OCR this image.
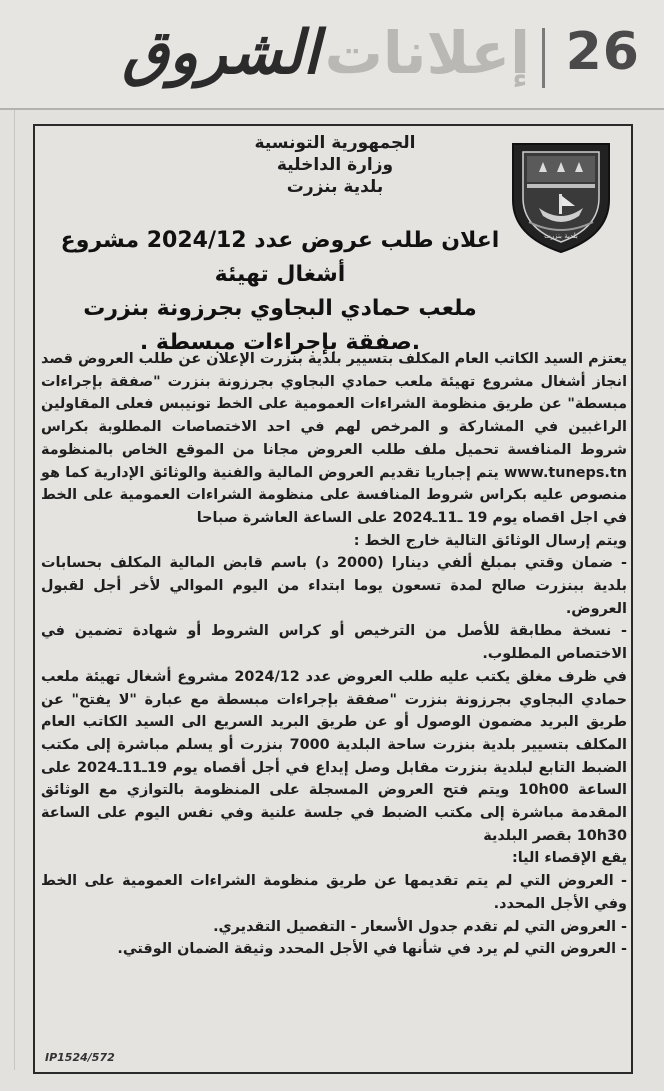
26
إعلانات الشروق
الجمهورية التونسية
وزارة الداخلية
بلدية بنزرت
بلدية بنزرت
اعلان طلب عروض عدد 2024/12 مشروع أشغال تهيئة
ملعب حمادي البجاوي بجرزونة بنزرت
.صفقة بإجراءات مبسطة .

يعتزم السيد الكاتب العام المكلف بتسيير بلدية بنزرت الإعلان عن طلب العروض قصد انجاز أشغال مشروع تهيئة ملعب حمادي البجاوي بجرزونة بنزرت "صفقة بإجراءات مبسطة" عن طريق منظومة الشراءات العمومية على الخط تونيبس فعلى المقاولين الراغبين في المشاركة و المرخص لهم في احد الاختصاصات المطلوبة بكراس شروط المنافسة تحميل ملف طلب العروض مجانا من الموقع الخاص بالمنظومة www.tuneps.tn يتم إجباريا تقديم العروض المالية والفنية والوثائق الإدارية كما هو منصوص عليه بكراس شروط المنافسة على منظومة الشراءات العمومية على الخط في اجل اقصاه يوم 19 ـ11ـ2024 على الساعة العاشرة صباحا

ويتم إرسال الوثائق التالية خارج الخط :

- ضمان وقتي بمبلغ ألفي دينارا (2000 د) باسم قابض المالية المكلف بحسابات بلدية ببنزرت صالح لمدة تسعون يوما ابتداء من اليوم الموالي لأخر أجل لقبول العروض.

- نسخة مطابقة للأصل من الترخيص أو كراس الشروط أو شهادة تضمين في الاختصاص المطلوب.

في ظرف مغلق يكتب عليه طلب العروض عدد 2024/12 مشروع أشغال تهيئة ملعب حمادي البجاوي بجرزونة بنزرت "صفقة بإجراءات مبسطة مع عبارة "لا يفتح" عن طريق البريد مضمون الوصول أو عن طريق البريد السريع الى السيد الكاتب العام المكلف بتسيير بلدية بنزرت ساحة البلدية 7000 بنزرت أو يسلم مباشرة إلى مكتب الضبط التابع لبلدية بنزرت مقابل وصل إيداع في أجل أقصاه يوم 19ـ11ـ2024 على الساعة 10h00 ويتم فتح العروض المسجلة على المنظومة بالتوازي مع الوثائق المقدمة مباشرة إلى مكتب الضبط في جلسة علنية وفي نفس اليوم على الساعة 10h30 بقصر البلدية

يقع الإقصاء اليا:

- العروض التي لم يتم تقديمها عن طريق منظومة الشراءات العمومية على الخط وفي الأجل المحدد.

- العروض التي لم تقدم جدول الأسعار - التفصيل التقديري.

- العروض التي لم يرد في شأنها في الأجل المحدد وثيقة الضمان الوقتي.

IP1524/572
